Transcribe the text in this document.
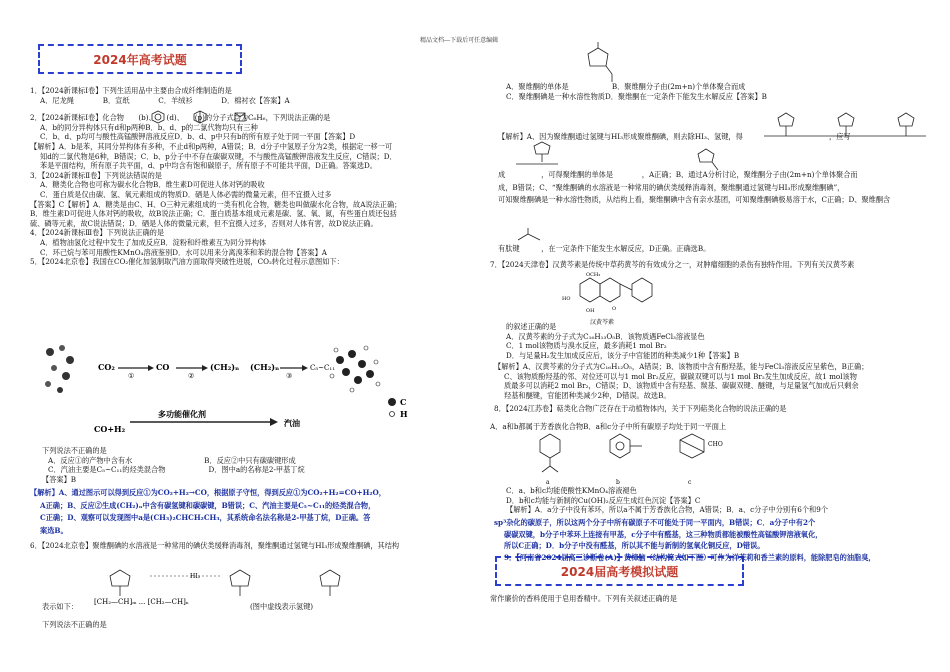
精品文档---下载后可任意编辑
2024年高考试题
2024届高考模拟试题
1．【2024新课标Ⅰ卷】下列生活用品中主要由合成纤维制造的是
A．尼龙绳　　　　B．宣纸　　　　C．羊绒衫　　　　D．棉衬衣【答案】A
2．【2024新课标Ⅰ卷】化合物　　(b)、　　(d)、　　(p)的分子式均为C₆H₆，下列说法正确的是
A．b的同分异构体只有d和p两种B．b、d、p的二氯代物均只有三种
C．b、d、p均可与酸性高锰酸钾溶液反应D．b、d、p中只有b的所有原子处于同一平面【答案】D
【解析】A．b是苯，其同分异构体有多种，不止d和p两种，A错误；B．d分子中氢原子分为2类，根据定一移一可
知d的二氯代物是6种，B错误；C．b、p分子中不存在碳碳双键，不与酸性高锰酸钾溶液发生反应，C错误；D．
苯是平面结构，所有原子共平面，d、p中均含有饱和碳原子，所有原子不可能共平面，D正确。答案选D。
3．【2024新课标Ⅱ卷】下列说法错误的是
A．糖类化合物也可称为碳水化合物B．维生素D可促进人体对钙的吸收
C．蛋白质是仅由碳、氢、氧元素组成的物质D．硒是人体必需的微量元素，但不宜摄入过多
【答案】C【解析】A．糖类是由C、H、O三种元素组成的一类有机化合物，糖类也叫做碳水化合物，故A说法正确；
B．维生素D可促进人体对钙的吸收，故B说法正确；C．蛋白质基本组成元素是碳、氢、氧、氮，有些蛋白质还包括
硫、磷等元素，故C说法错误；D．硒是人体的微量元素，但不宜摄入过多，否则对人体有害，故D说法正确。
4．【2024新课标Ⅲ卷】下列说法正确的是
A．植物油氢化过程中发生了加成反应B．淀粉和纤维素互为同分异构体
C．环己烷与苯可用酸性KMnO₄溶液鉴别D．水可以用来分离溴苯和苯的混合物【答案】A
5．【2024北京卷】我国在CO₂催化加氢制取汽油方面取得突破性进展，CO₂转化过程示意图如下：
CO₂
①
CO
②
(CH₂)ₙ (CH₂)ₙ
③
C₅~C₁₁
C
H
CO+H₂
多功能催化剂
汽油
下列说法不正确的是
A．反应①的产物中含有水　　　　　　　　　　B．反应②中只有碳碳键形成
C．汽油主要是C₅~C₁₁的烃类混合物　　　　　　D．图中a的名称是2-甲基丁烷
【答案】B
【解析】A、通过图示可以得到反应①为CO₂+H₂→CO，根据原子守恒，得到反应①为CO₂+H₂=CO+H₂O，
A正确；B、反应②生成(CH₂)ₙ中含有碳氢键和碳碳键，B错误；C、汽油主要是C₅~C₁₁的烃类混合物，
C正确；D、观察可以发现图中a是(CH₃)₂CHCH₂CH₃，其系统命名法名称是2-甲基丁烷，D正确。答
案选B。
6．【2024北京卷】聚维酮碘的水溶液是一种常用的碘伏类缓释消毒剂，聚维酮通过氢键与HI₃形成聚维酮碘，其结构
HI₃
[CH₂—CH]ₘ ... [CH₂—CH]ₙ
表示如下：	(图中虚线表示氢键)
下列说法不正确的是
A．聚维酮的单体是　　　　　　B．聚维酮分子由(2m+n)个单体聚合而成
C．聚维酮碘是一种水溶性物质D．聚维酮在一定条件下能发生水解反应【答案】B
【解析】A、因为聚维酮通过氢键与HI₃形成聚维酮碘，则去除HI₃、氢键，得　　　　　　　　　　　　，应写
成　　　　　，可得聚维酮的单体是　　　　，A正确；B、通过A分析讨论，聚维酮分子由(2m+n)个单体聚合而
成，B错误；C、“聚维酮碘的水溶液是一种常用的碘伏类缓释消毒剂，聚维酮通过氢键与HI₃形成聚维酮碘”，
可知聚维酮碘是一种水溶性物质，从结构上看，聚维酮碘中含有亲水基团，可知聚维酮碘极易溶于水，C正确；D、聚维酮含
有肽键　　　，在一定条件下能发生水解反应，D正确。正确选B。
7．【2024天津卷】汉黄芩素是传统中草药黄芩的有效成分之一，对肿瘤细胞的杀伤有独特作用。下列有关汉黄芩素
HO
OCH₃
OH	O
汉黄芩素
的叙述正确的是
A．汉黄芩素的分子式为C₁₆H₁₃O₅B．该物质遇FeCl₃溶液显色
C．1 mol该物质与溴水反应，最多消耗1 mol Br₂
D．与足量H₂发生加成反应后，该分子中官能团的种类减少1种【答案】B
【解析】A、汉黄芩素的分子式为C₁₆H₁₂O₅，A错误；B、该物质中含有酚羟基，能与FeCl₃溶液反应呈紫色，B正确；
C、该物质酚羟基的邻、对位还可以与1 mol Br₂反应，碳碳双键可以与1 mol Br₂发生加成反应，故1 mol该物
质最多可以消耗2 mol Br₂，C错误；D、该物质中含有羟基、羰基、碳碳双键、醚键，与足量氢气加成后只剩余
羟基和醚键，官能团种类减少2种，D错误。故选B。
8．【2024江苏卷】萜类化合物广泛存在于动植物体内，关于下列萜类化合物的说法正确的是
a	b
CHO
c
A．a和b都属于芳香族化合物B．a和c分子中所有碳原子均处于同一平面上
C．a、b和c均能使酸性KMnO₄溶液褪色
D．b和c均能与新制的Cu(OH)₂反应生成红色沉淀【答案】C
【解析】A．a分子中没有苯环，所以a不属于芳香族化合物，A错误；B．a、c分子中分别有6个和9个
sp³杂化的碳原子，所以这两个分子中所有碳原子不可能处于同一平面内，B错误；C．a分子中有2个
碳碳双键，b分子中苯环上连接有甲基，c分子中有醛基，这三种物质都能被酸性高锰酸钾溶液氧化，
所以C正确；D．b分子中没有醛基，所以其不能与新制的氢氧化铜反应，D错误。
9．【河南省2024届高三诊断卷(A)】黄樟脑（结构简式如下图）可作为洋茉莉和香兰素的原料，能除肥皂的油脂臭，
常作廉价的香料使用于皂用香精中。下列有关叙述正确的是
